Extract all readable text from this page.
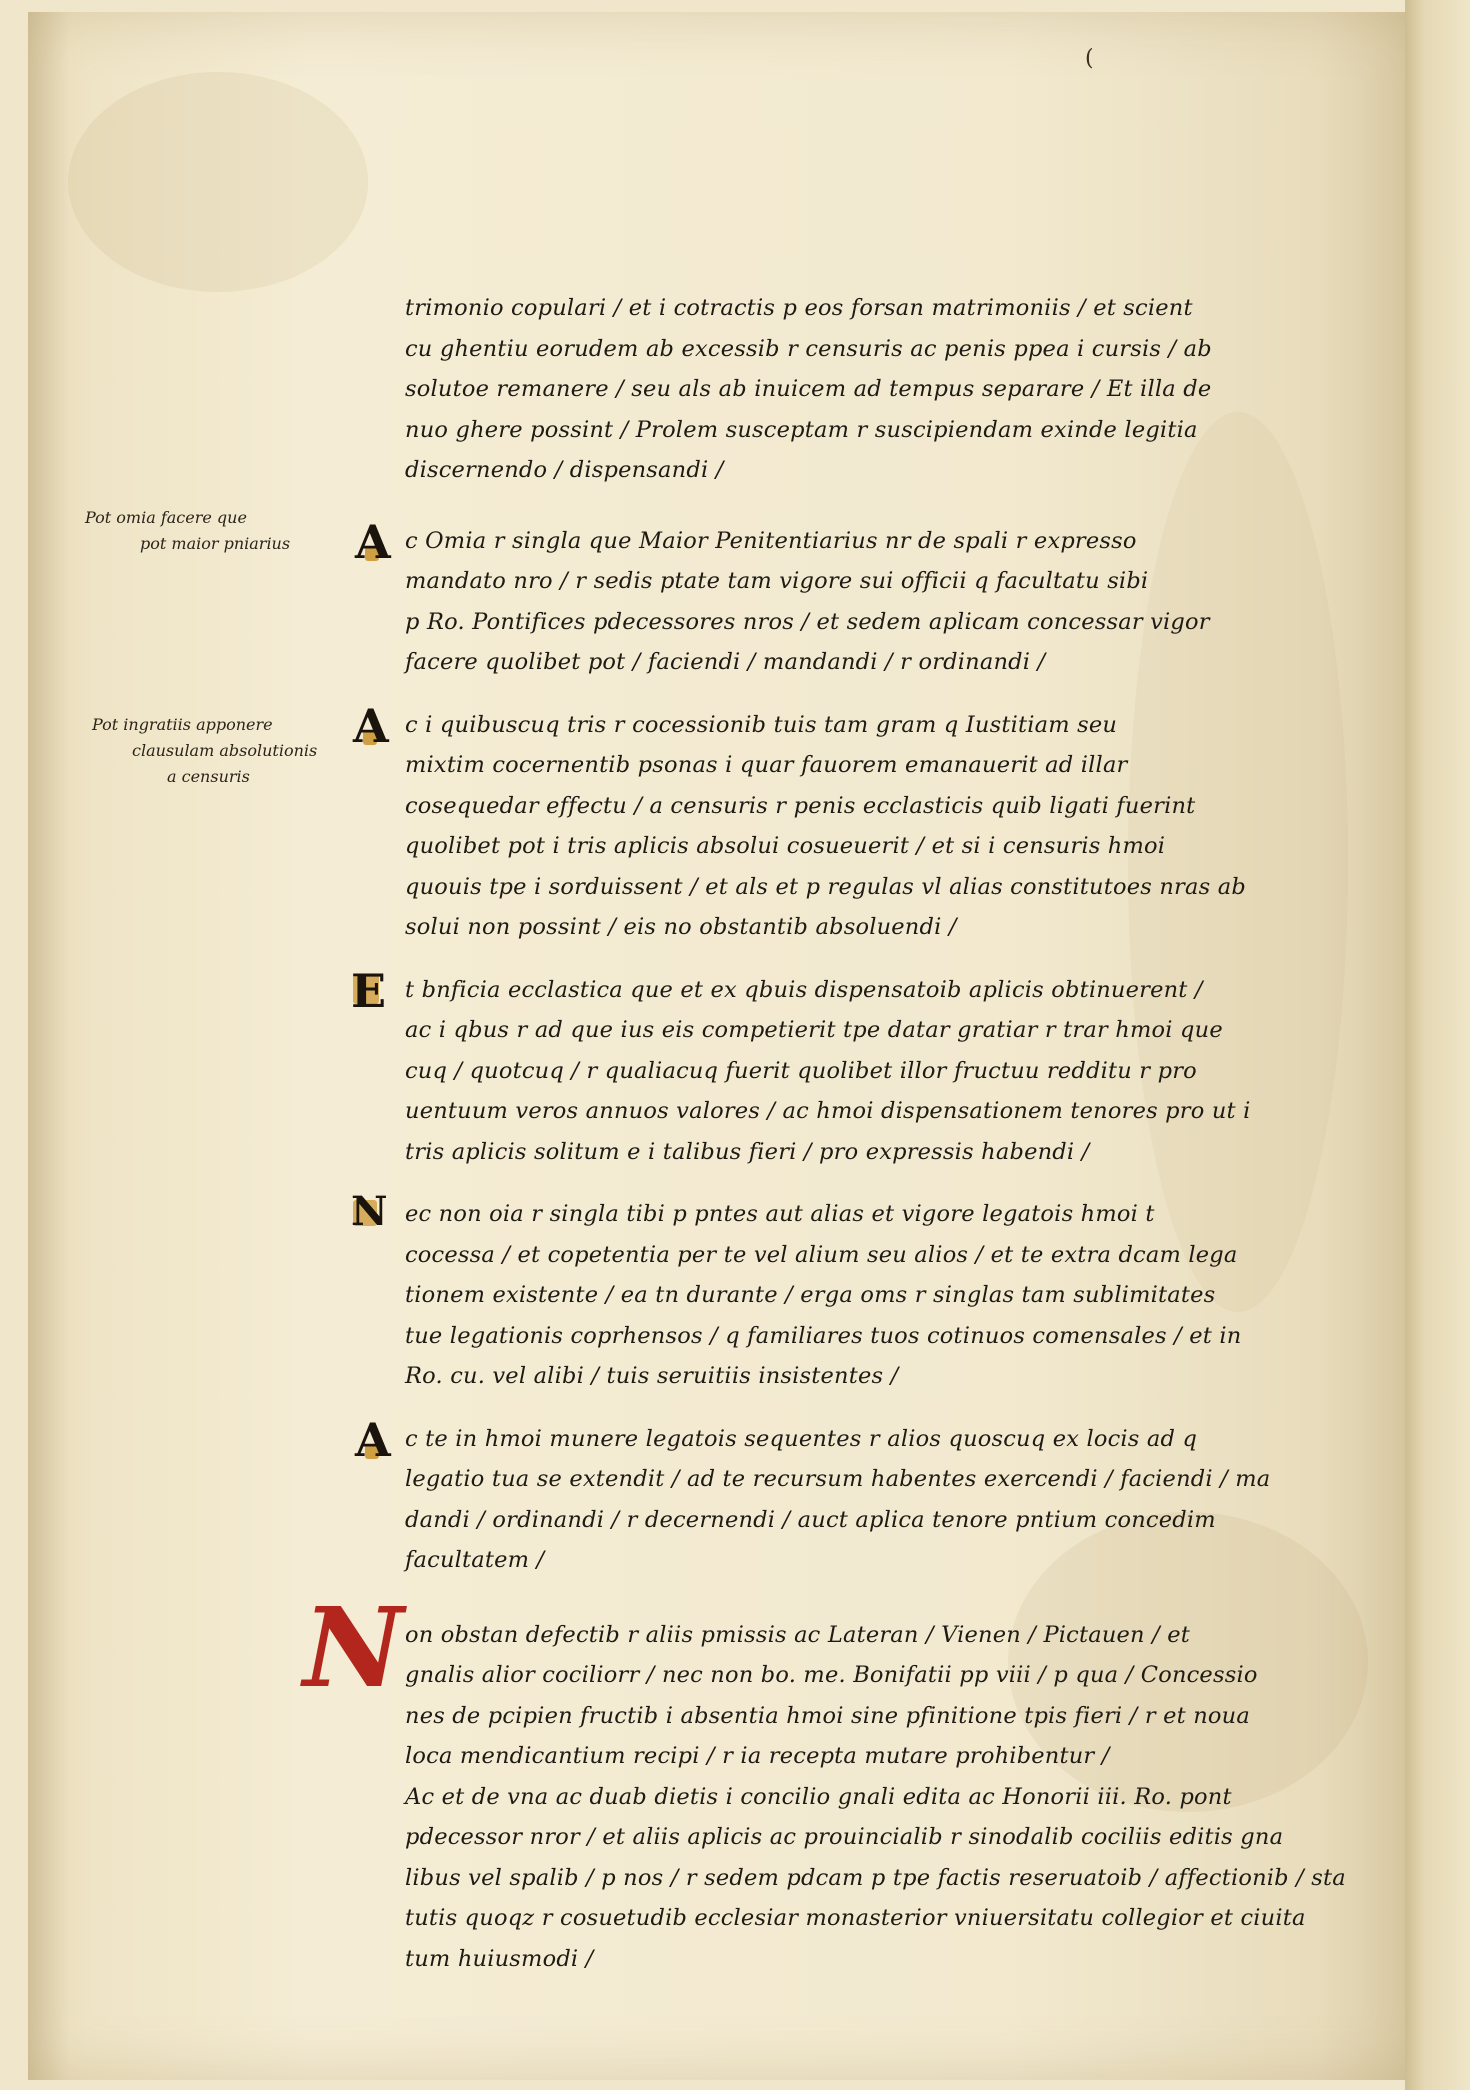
(
Pot omia facere que
pot maior pniarius
Pot ingratiis apponere
clausulam absolutionis
a censuris
trimonio copulari / et i cotractis p eos forsan matrimoniis / et scient
cu ghentiu eorudem ab excessib r censuris ac penis ppea i cursis / ab
solutoe remanere / seu als ab inuicem ad tempus separare / Et illa de
nuo ghere possint / Prolem susceptam r suscipiendam exinde legitia
discernendo / dispensandi /
A c Omia r singla que Maior Penitentiarius nr de spali r expresso
mandato nro / r sedis ptate tam vigore sui officii q facultatu sibi
p Ro. Pontifices pdecessores nros / et sedem aplicam concessar vigor
facere quolibet pot / faciendi / mandandi / r ordinandi /
A c i quibuscuq tris r cocessionib tuis tam gram q Iustitiam seu
mixtim cocernentib psonas i quar fauorem emanauerit ad illar
cosequedar effectu / a censuris r penis ecclasticis quib ligati fuerint
quolibet pot i tris aplicis absolui cosueuerit / et si i censuris hmoi
quouis tpe i sorduissent / et als et p regulas vl alias constitutoes nras ab
solui non possint / eis no obstantib absoluendi /
E t bnficia ecclastica que et ex qbuis dispensatoib aplicis obtinuerent /
ac i qbus r ad que ius eis competierit tpe datar gratiar r trar hmoi que
cuq / quotcuq / r qualiacuq fuerit quolibet illor fructuu redditu r pro
uentuum veros annuos valores / ac hmoi dispensationem tenores pro ut i
tris aplicis solitum e i talibus fieri / pro expressis habendi /
N ec non oia r singla tibi p pntes aut alias et vigore legatois hmoi t
cocessa / et copetentia per te vel alium seu alios / et te extra dcam lega
tionem existente / ea tn durante / erga oms r singlas tam sublimitates
tue legationis coprhensos / q familiares tuos cotinuos comensales / et in
Ro. cu. vel alibi / tuis seruitiis insistentes /
A c te in hmoi munere legatois sequentes r alios quoscuq ex locis ad q
legatio tua se extendit / ad te recursum habentes exercendi / faciendi / ma
dandi / ordinandi / r decernendi / auct aplica tenore pntium concedim
facultatem /
N on obstan defectib r aliis pmissis ac Lateran / Vienen / Pictauen / et
gnalis alior cociliorr / nec non bo. me. Bonifatii pp viii / p qua / Concessio
nes de pcipien fructib i absentia hmoi sine pfinitione tpis fieri / r et noua
loca mendicantium recipi / r ia recepta mutare prohibentur /
Ac et de vna ac duab dietis i concilio gnali edita ac Honorii iii. Ro. pont
pdecessor nror / et aliis aplicis ac prouincialib r sinodalib cociliis editis gna
libus vel spalib / p nos / r sedem pdcam p tpe factis reseruatoib / affectionib / sta
tutis quoqz r cosuetudib ecclesiar monasterior vniuersitatu collegior et ciuita
tum huiusmodi /
